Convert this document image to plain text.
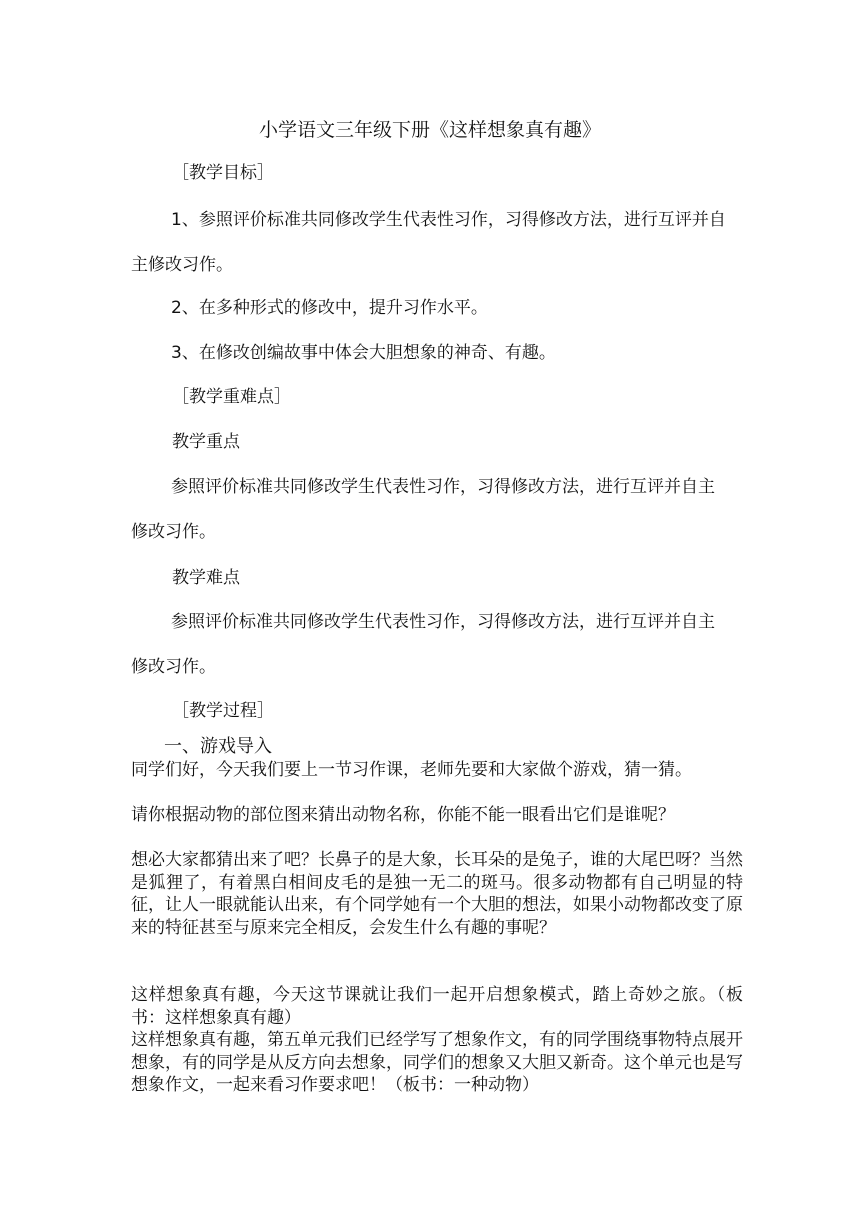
小学语文三年级下册《这样想象真有趣》
［教学目标］
1、参照评价标准共同修改学生代表性习作，习得修改方法，进行互评并自主修改习作。
2、在多种形式的修改中，提升习作水平。
3、在修改创编故事中体会大胆想象的神奇、有趣。
［教学重难点］
教学重点
参照评价标准共同修改学生代表性习作，习得修改方法，进行互评并自主修改习作。
教学难点
参照评价标准共同修改学生代表性习作，习得修改方法，进行互评并自主修改习作。
［教学过程］
一、游戏导入
同学们好，今天我们要上一节习作课，老师先要和大家做个游戏，猜一猜。
请你根据动物的部位图来猜出动物名称，你能不能一眼看出它们是谁呢？
想必大家都猜出来了吧？长鼻子的是大象，长耳朵的是兔子，谁的大尾巴呀？当然是狐狸了，有着黑白相间皮毛的是独一无二的斑马。很多动物都有自己明显的特征，让人一眼就能认出来，有个同学她有一个大胆的想法，如果小动物都改变了原来的特征甚至与原来完全相反，会发生什么有趣的事呢？
这样想象真有趣，今天这节课就让我们一起开启想象模式，踏上奇妙之旅。（板书：这样想象真有趣）
这样想象真有趣，第五单元我们已经学写了想象作文，有的同学围绕事物特点展开想象，有的同学是从反方向去想象，同学们的想象又大胆又新奇。这个单元也是写想象作文，一起来看习作要求吧！（板书：一种动物）
